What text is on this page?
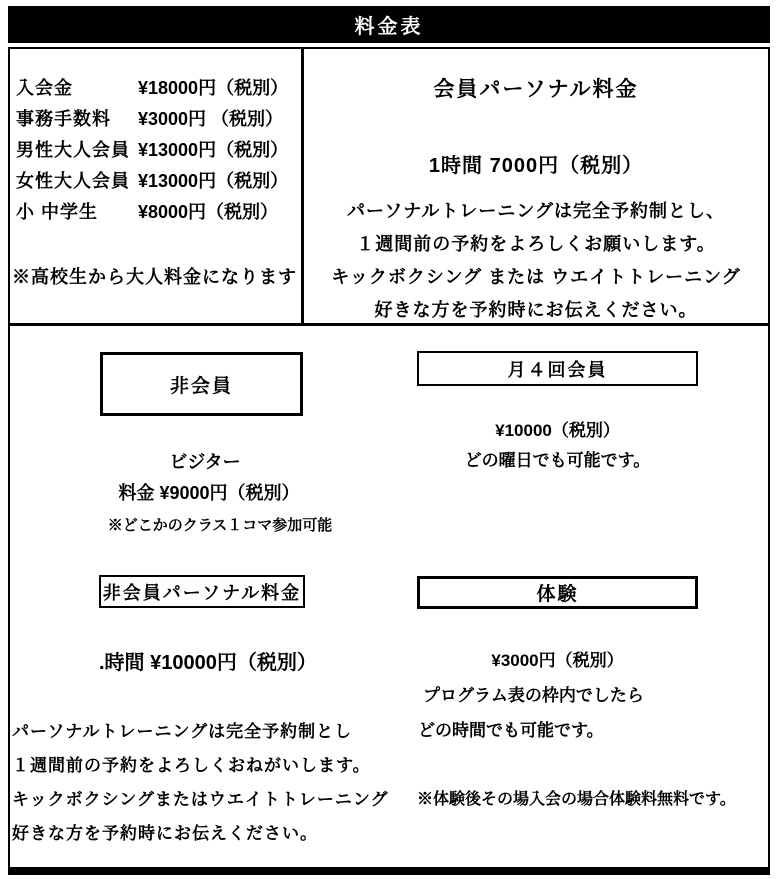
料金表
入会金	¥18000円（税別）
事務手数料	¥3000円 （税別）
男性大人会員 ¥13000円（税別）
女性大人会員 ¥13000円（税別）
小 中学生	¥8000円（税別）
※高校生から大人料金になります
会員パーソナル料金
1時間 7000円（税別）
パーソナルトレーニングは完全予約制とし、
１週間前の予約をよろしくお願いします。
キックボクシング または ウエイトトレーニング
好きな方を予約時にお伝えください。
非会員
ビジター
料金 ¥9000円（税別）
※どこかのクラス１コマ参加可能
月４回会員
¥10000（税別）
どの曜日でも可能です。
非会員パーソナル料金
.時間 ¥10000円（税別）
パーソナルトレーニングは完全予約制とし
１週間前の予約をよろしくおねがいします。
キックボクシングまたはウエイトトレーニング
好きな方を予約時にお伝えください。
体験
¥3000円（税別）
プログラム表の枠内でしたら
どの時間でも可能です。
※体験後その場入会の場合体験料無料です。
